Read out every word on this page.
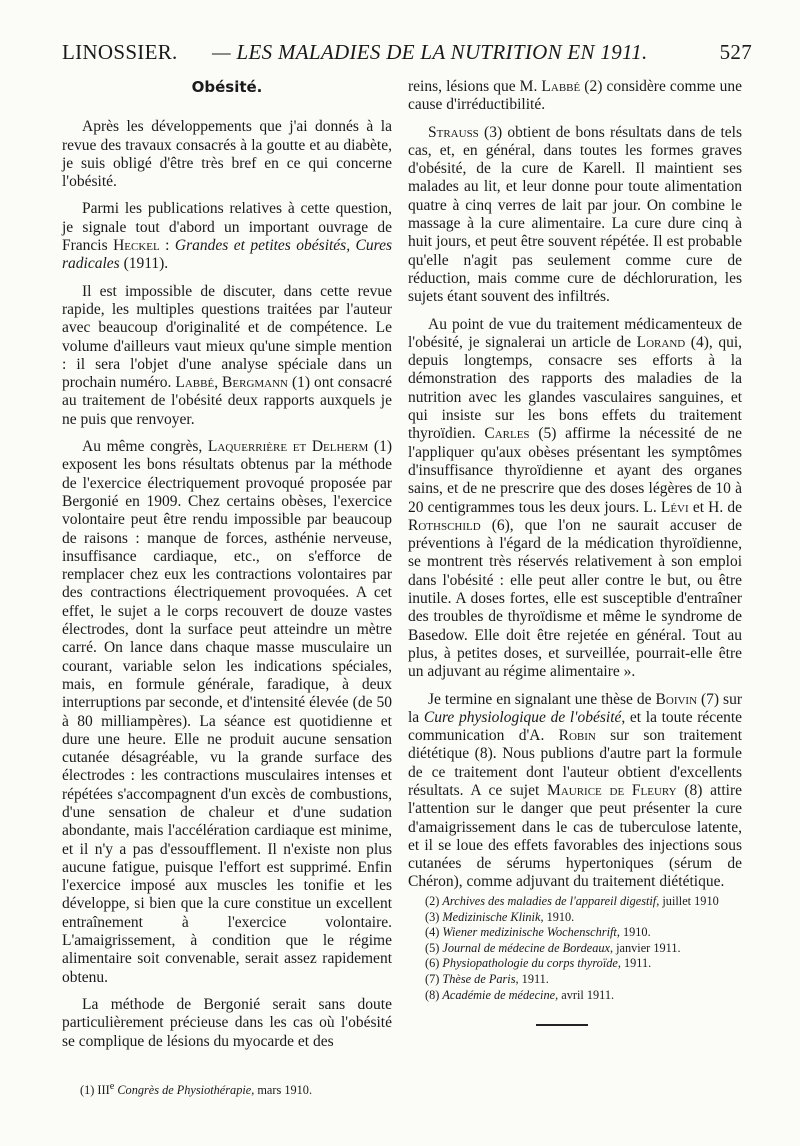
LINOSSIER. — LES MALADIES DE LA NUTRITION EN 1911.	527
Obésité.

Après les développements que j'ai donnés à la revue des travaux consacrés à la goutte et au diabète, je suis obligé d'être très bref en ce qui concerne l'obésité.

Parmi les publications relatives à cette question, je signale tout d'abord un important ouvrage de Francis Heckel : Grandes et petites obésités, Cures radicales (1911).

Il est impossible de discuter, dans cette revue rapide, les multiples questions traitées par l'auteur avec beaucoup d'originalité et de compétence. Le volume d'ailleurs vaut mieux qu'une simple mention : il sera l'objet d'une analyse spéciale dans un prochain numéro. Labbé, Bergmann (1) ont consacré au traitement de l'obésité deux rapports auxquels je ne puis que renvoyer.

Au même congrès, Laquerrière et Delherm (1) exposent les bons résultats obtenus par la méthode de l'exercice électriquement provoqué proposée par Bergonié en 1909. Chez certains obèses, l'exercice volontaire peut être rendu impossible par beaucoup de raisons : manque de forces, asthénie nerveuse, insuffisance cardiaque, etc., on s'efforce de remplacer chez eux les contractions volontaires par des contractions électriquement provoquées. A cet effet, le sujet a le corps recouvert de douze vastes électrodes, dont la surface peut atteindre un mètre carré. On lance dans chaque masse musculaire un courant, variable selon les indications spéciales, mais, en formule générale, faradique, à deux interruptions par seconde, et d'intensité élevée (de 50 à 80 milliampères). La séance est quotidienne et dure une heure. Elle ne produit aucune sensation cutanée désagréable, vu la grande surface des électrodes : les contractions musculaires intenses et répétées s'accompagnent d'un excès de combustions, d'une sensation de chaleur et d'une sudation abondante, mais l'accélération cardiaque est minime, et il n'y a pas d'essoufflement. Il n'existe non plus aucune fatigue, puisque l'effort est supprimé. Enfin l'exercice imposé aux muscles les tonifie et les développe, si bien que la cure constitue un excellent entraînement à l'exercice volontaire. L'amaigrissement, à condition que le régime alimentaire soit convenable, serait assez rapidement obtenu.

La méthode de Bergonié serait sans doute particulièrement précieuse dans les cas où l'obésité se complique de lésions du myocarde et des

reins, lésions que M. Labbé (2) considère comme une cause d'irréductibilité.

Strauss (3) obtient de bons résultats dans de tels cas, et, en général, dans toutes les formes graves d'obésité, de la cure de Karell. Il maintient ses malades au lit, et leur donne pour toute alimentation quatre à cinq verres de lait par jour. On combine le massage à la cure alimentaire. La cure dure cinq à huit jours, et peut être souvent répétée. Il est probable qu'elle n'agit pas seulement comme cure de réduction, mais comme cure de déchloruration, les sujets étant souvent des infiltrés.

Au point de vue du traitement médicamenteux de l'obésité, je signalerai un article de Lorand (4), qui, depuis longtemps, consacre ses efforts à la démonstration des rapports des maladies de la nutrition avec les glandes vasculaires sanguines, et qui insiste sur les bons effets du traitement thyroïdien. Carles (5) affirme la nécessité de ne l'appliquer qu'aux obèses présentant les symptômes d'insuffisance thyroïdienne et ayant des organes sains, et de ne prescrire que des doses légères de 10 à 20 centigrammes tous les deux jours. L. Lévi et H. de Rothschild (6), que l'on ne saurait accuser de préventions à l'égard de la médication thyroïdienne, se montrent très réservés relativement à son emploi dans l'obésité : elle peut aller contre le but, ou être inutile. A doses fortes, elle est susceptible d'entraîner des troubles de thyroïdisme et même le syndrome de Basedow. Elle doit être rejetée en général. Tout au plus, à petites doses, et surveillée, pourrait-elle être un adjuvant au régime alimentaire ».

Je termine en signalant une thèse de Boivin (7) sur la Cure physiologique de l'obésité, et la toute récente communication d'A. Robin sur son traitement diététique (8). Nous publions d'autre part la formule de ce traitement dont l'auteur obtient d'excellents résultats. A ce sujet Maurice de Fleury (8) attire l'attention sur le danger que peut présenter la cure d'amaigrissement dans le cas de tuberculose latente, et il se loue des effets favorables des injections sous cutanées de sérums hypertoniques (sérum de Chéron), comme adjuvant du traitement diététique.

(2) Archives des maladies de l'appareil digestif, juillet 1910
(3) Medizinische Klinik, 1910.
(4) Wiener medizinische Wochenschrift, 1910.
(5) Journal de médecine de Bordeaux, janvier 1911.
(6) Physiopathologie du corps thyroïde, 1911.
(7) Thèse de Paris, 1911.
(8) Académie de médecine, avril 1911.
(1) IIIe Congrès de Physiothérapie, mars 1910.
